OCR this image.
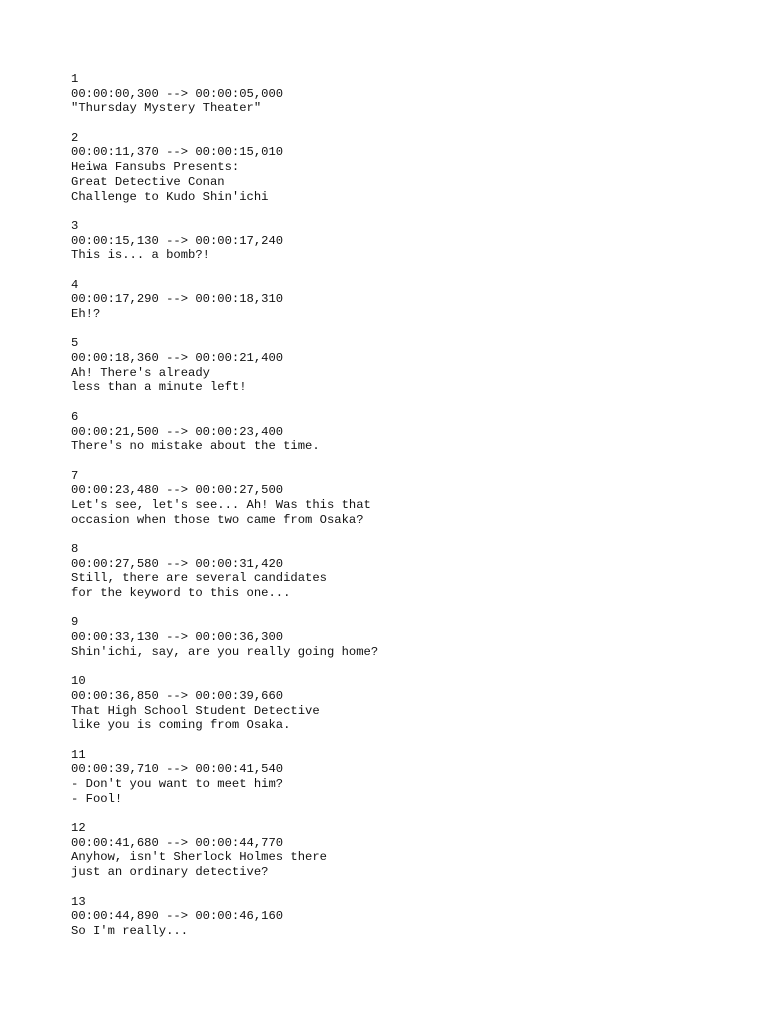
1
00:00:00,300 --> 00:00:05,000
"Thursday Mystery Theater"
2
00:00:11,370 --> 00:00:15,010
Heiwa Fansubs Presents:
Great Detective Conan
Challenge to Kudo Shin'ichi
3
00:00:15,130 --> 00:00:17,240
This is... a bomb?!
4
00:00:17,290 --> 00:00:18,310
Eh!?
5
00:00:18,360 --> 00:00:21,400
Ah! There's already
less than a minute left!
6
00:00:21,500 --> 00:00:23,400
There's no mistake about the time.
7
00:00:23,480 --> 00:00:27,500
Let's see, let's see... Ah! Was this that
occasion when those two came from Osaka?
8
00:00:27,580 --> 00:00:31,420
Still, there are several candidates
for the keyword to this one...
9
00:00:33,130 --> 00:00:36,300
Shin'ichi, say, are you really going home?
10
00:00:36,850 --> 00:00:39,660
That High School Student Detective
like you is coming from Osaka.
11
00:00:39,710 --> 00:00:41,540
- Don't you want to meet him?
- Fool!
12
00:00:41,680 --> 00:00:44,770
Anyhow, isn't Sherlock Holmes there
just an ordinary detective?
13
00:00:44,890 --> 00:00:46,160
So I'm really...
